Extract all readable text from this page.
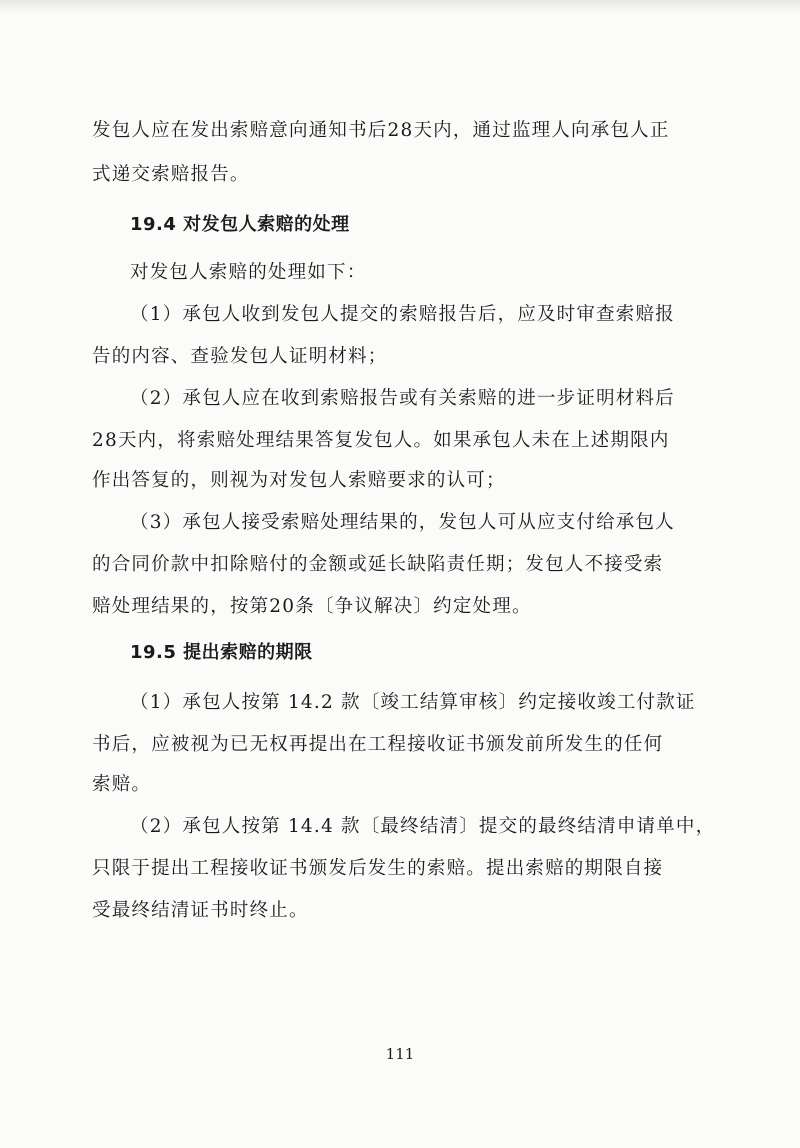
发包人应在发出索赔意向通知书后28天内，通过监理人向承包人正
式递交索赔报告。
19.4 对发包人索赔的处理
对发包人索赔的处理如下：
（1）承包人收到发包人提交的索赔报告后，应及时审查索赔报
告的内容、查验发包人证明材料；
（2）承包人应在收到索赔报告或有关索赔的进一步证明材料后
28天内，将索赔处理结果答复发包人。如果承包人未在上述期限内
作出答复的，则视为对发包人索赔要求的认可；
（3）承包人接受索赔处理结果的，发包人可从应支付给承包人
的合同价款中扣除赔付的金额或延长缺陷责任期；发包人不接受索
赔处理结果的，按第20条〔争议解决〕约定处理。
19.5 提出索赔的期限
（1）承包人按第 14.2 款〔竣工结算审核〕约定接收竣工付款证
书后，应被视为已无权再提出在工程接收证书颁发前所发生的任何
索赔。
（2）承包人按第 14.4 款〔最终结清〕提交的最终结清申请单中，
只限于提出工程接收证书颁发后发生的索赔。提出索赔的期限自接
受最终结清证书时终止。
111
